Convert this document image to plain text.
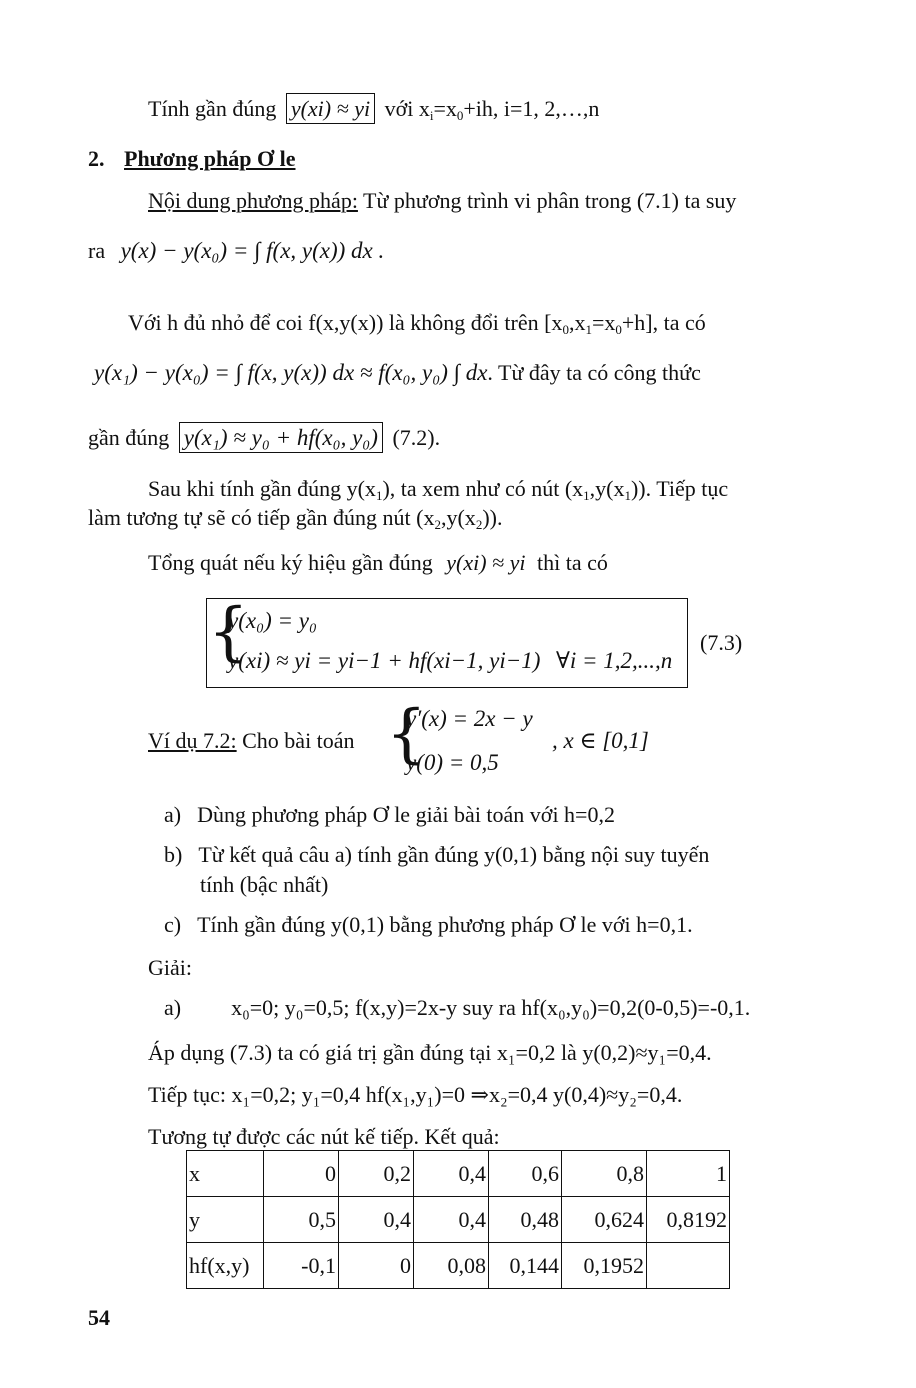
Tính gần đúng y(xi) ≈ yi với $x_i=x_0+ih$, i=1, 2,…,n
2. Phương pháp Ơ le
Nội dung phương pháp: Từ phương trình vi phân trong (7.1) ta suy
ra y(x) − y(x₀) = ∫ f(x, y(x)) dx .
Với h đủ nhỏ để coi f(x,y(x)) là không đổi trên $[x_0,x_1=x_0+h]$, ta có
y(x₁) − y(x₀) = ∫ f(x, y(x)) dx ≈ f(x₀, y₀) ∫ dx. Từ đây ta có công thức
gần đúng y(x₁) ≈ y₀ + hf(x₀, y₀) (7.2).
Sau khi tính gần đúng $y(x_1)$, ta xem như có nút $(x_1,y(x_1))$. Tiếp tục
làm tương tự sẽ có tiếp gần đúng nút $(x_2,y(x_2))$.
Tổng quát nếu ký hiệu gần đúng y(xi) ≈ yi thì ta có
{
y(x₀) = y₀
y(xi) ≈ yi = yi−1 + hf(xi−1, yi−1) ∀i = 1,2,...,n
(7.3)
Ví dụ 7.2: Cho bài toán {
y′(x) = 2x − y
y(0) = 0,5
, x ∈ [0,1]
a) Dùng phương pháp Ơ le giải bài toán với h=0,2
b) Từ kết quả câu a) tính gần đúng y(0,1) bằng nội suy tuyến
tính (bậc nhất)
c) Tính gần đúng y(0,1) bằng phương pháp Ơ le với h=0,1.
Giải:
a) x₀=0; y₀=0,5; f(x,y)=2x-y suy ra hf(x₀,y₀)=0,2(0-0,5)=-0,1.
Áp dụng (7.3) ta có giá trị gần đúng tại x₁=0,2 là y(0,2)≈y₁=0,4.
Tiếp tục: x₁=0,2; y₁=0,4 hf(x₁,y₁)=0 ⇒x₂=0,4 y(0,4)≈y₂=0,4.
Tương tự được các nút kế tiếp. Kết quả:
x	0	0,2	0,4	0,6	0,8	1
y	0,5	0,4	0,4	0,48	0,624	0,8192
hf(x,y)	-0,1	0	0,08	0,144	0,1952	
54
